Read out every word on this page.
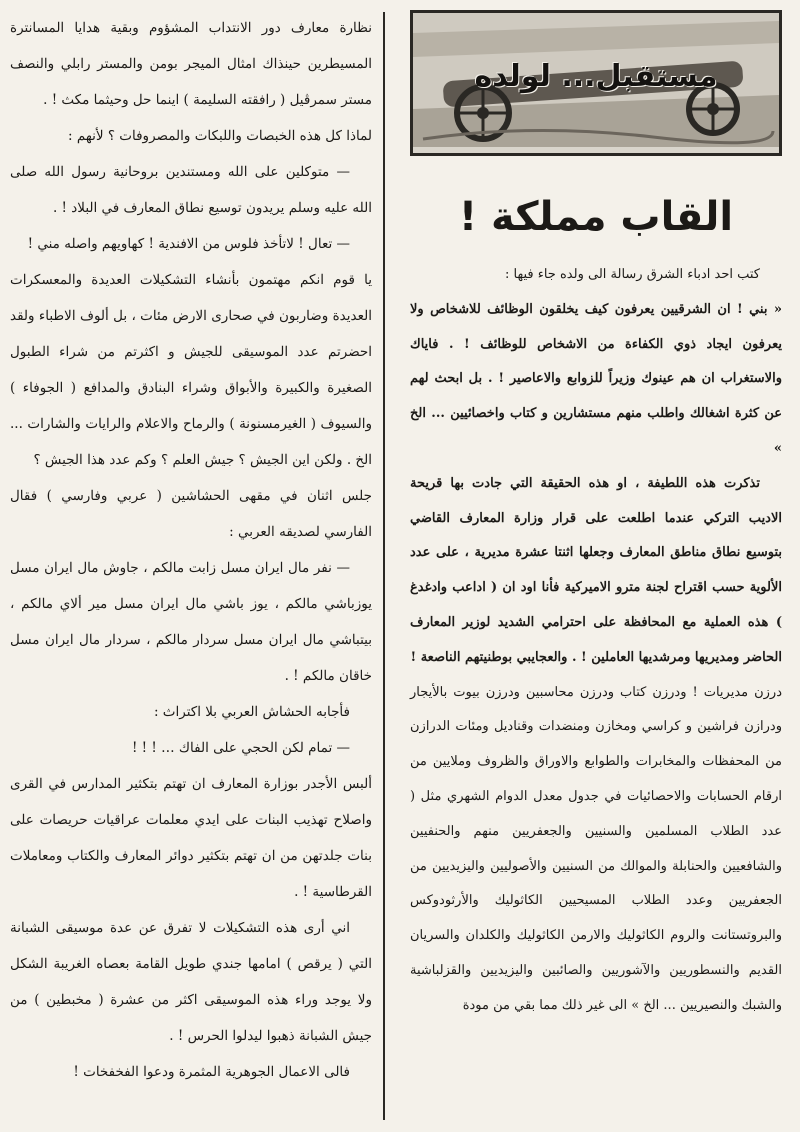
مستقبل... لولده
القاب مملكة !

كتب احد ادباء الشرق رسالة الى ولده جاء فيها :

« بني ! ان الشرقيين يعرفون كيف يخلقون الوظائف للاشخاص ولا يعرفون ايجاد ذوي الكفاءة من الاشخاص للوظائف ! . فاياك والاستغراب ان هم عينوك وزيراً للزوابع والاعاصير ! . بل ابحث لهم عن كثرة اشغالك واطلب منهم مستشارين و كتاب واخصائيين ... الخ »

تذكرت هذه اللطيفة ، او هذه الحقيقة التي جادت بها قريحة الاديب التركي عندما اطلعت على قرار وزارة المعارف القاضي بتوسيع نطاق مناطق المعارف وجعلها اثنتا عشرة مديرية ، على عدد الألوية حسب اقتراح لجنة مترو الاميركية فأنا اود ان ( اداعب وادغدغ ) هذه العملية مع المحافظة على احترامي الشديد لوزير المعارف الحاضر ومديريها ومرشديها العاملين ! . والعجايبي بوطنيتهم الناصعة !

درزن مديريات ! ودرزن كتاب ودرزن محاسبين ودرزن بيوت بالأيجار ودرازن فراشين و كراسي ومخازن ومنضدات وقناديل ومئات الدرازن من المحفظات والمخابرات والطوابع والاوراق والظروف وملايين من ارقام الحسابات والاحصائيات في جدول معدل الدوام الشهري مثل ( عدد الطلاب المسلمين والسنيين والجعفريين منهم والحنفيين والشافعيين والحنابلة والموالك من السنيين والأصوليين واليزيديين من الجعفريين وعدد الطلاب المسيحيين الكاثوليك والأرثودوكس والبروتستانت والروم الكاثوليك والارمن الكاثوليك والكلدان والسريان القديم والنسطوريين والآشوريين والصائبين واليزيديين والقزلباشية والشبك والنصيريين ... الخ » الى غير ذلك مما بقي من مودة

نظارة معارف دور الانتداب المشؤوم وبقية هدايا المسانترة المسيطرين حينذاك امثال الميجر بومن والمستر رابلي والنصف مستر سمرڤيل ( رافقته السليمة ) اينما حل وحيثما مكث ! .

لماذا كل هذه الخبصات واللبكات والمصروفات ؟ لأنهم :

— متوكلين على الله ومستندين بروحانية رسول الله صلى الله عليه وسلم يريدون توسيع نطاق المعارف في البلاد ! .

— تعال ! لاتأخذ فلوس من الافندية ! كهاويهم واصله مني !

يا قوم انكم مهتمون بأنشاء التشكيلات العديدة والمعسكرات العديدة وضاربون في صحارى الارض مئات ، بل ألوف الاطباء ولقد احضرتم عدد الموسيقى للجيش و اكثرتم من شراء الطبول الصغيرة والكبيرة والأبواق وشراء البنادق والمدافع ( الجوفاء ) والسيوف ( الغيرمسنونة ) والرماح والاعلام والرايات والشارات ... الخ . ولكن اين الجيش ؟ جيش العلم ؟ وكم عدد هذا الجيش ؟

جلس اثنان في مقهى الحشاشين ( عربي وفارسي ) فقال الفارسي لصديقه العربي :

— نفر مال ايران مسل زابت مالكم ، جاوش مال ايران مسل يوزباشي مالكم ، يوز باشي مال ايران مسل مير ألاي مالكم ، بيتباشي مال ايران مسل سردار مالكم ، سردار مال ايران مسل خاقان مالكم ! .

فأجابه الحشاش العربي بلا اكتراث :

— تمام لكن الحجي على الفاك … ! ! !

ألبس الأجدر بوزارة المعارف ان تهتم بتكثير المدارس في القرى واصلاح تهذيب البنات على ايدي معلمات عراقيات حريصات على بنات جلدتهن من ان تهتم بتكثير دوائر المعارف والكتاب ومعاملات القرطاسية ! .

اني أرى هذه التشكيلات لا تفرق عن عدة موسيقى الشبانة التي ( يرقص ) امامها جندي طويل القامة بعصاه الغريبة الشكل ولا يوجد وراء هذه الموسيقى اكثر من عشرة ( مخبطين ) من جيش الشبانة ذهبوا ليدلوا الحرس ! .

فالى الاعمال الجوهرية المثمرة ودعوا الفخفخات !
